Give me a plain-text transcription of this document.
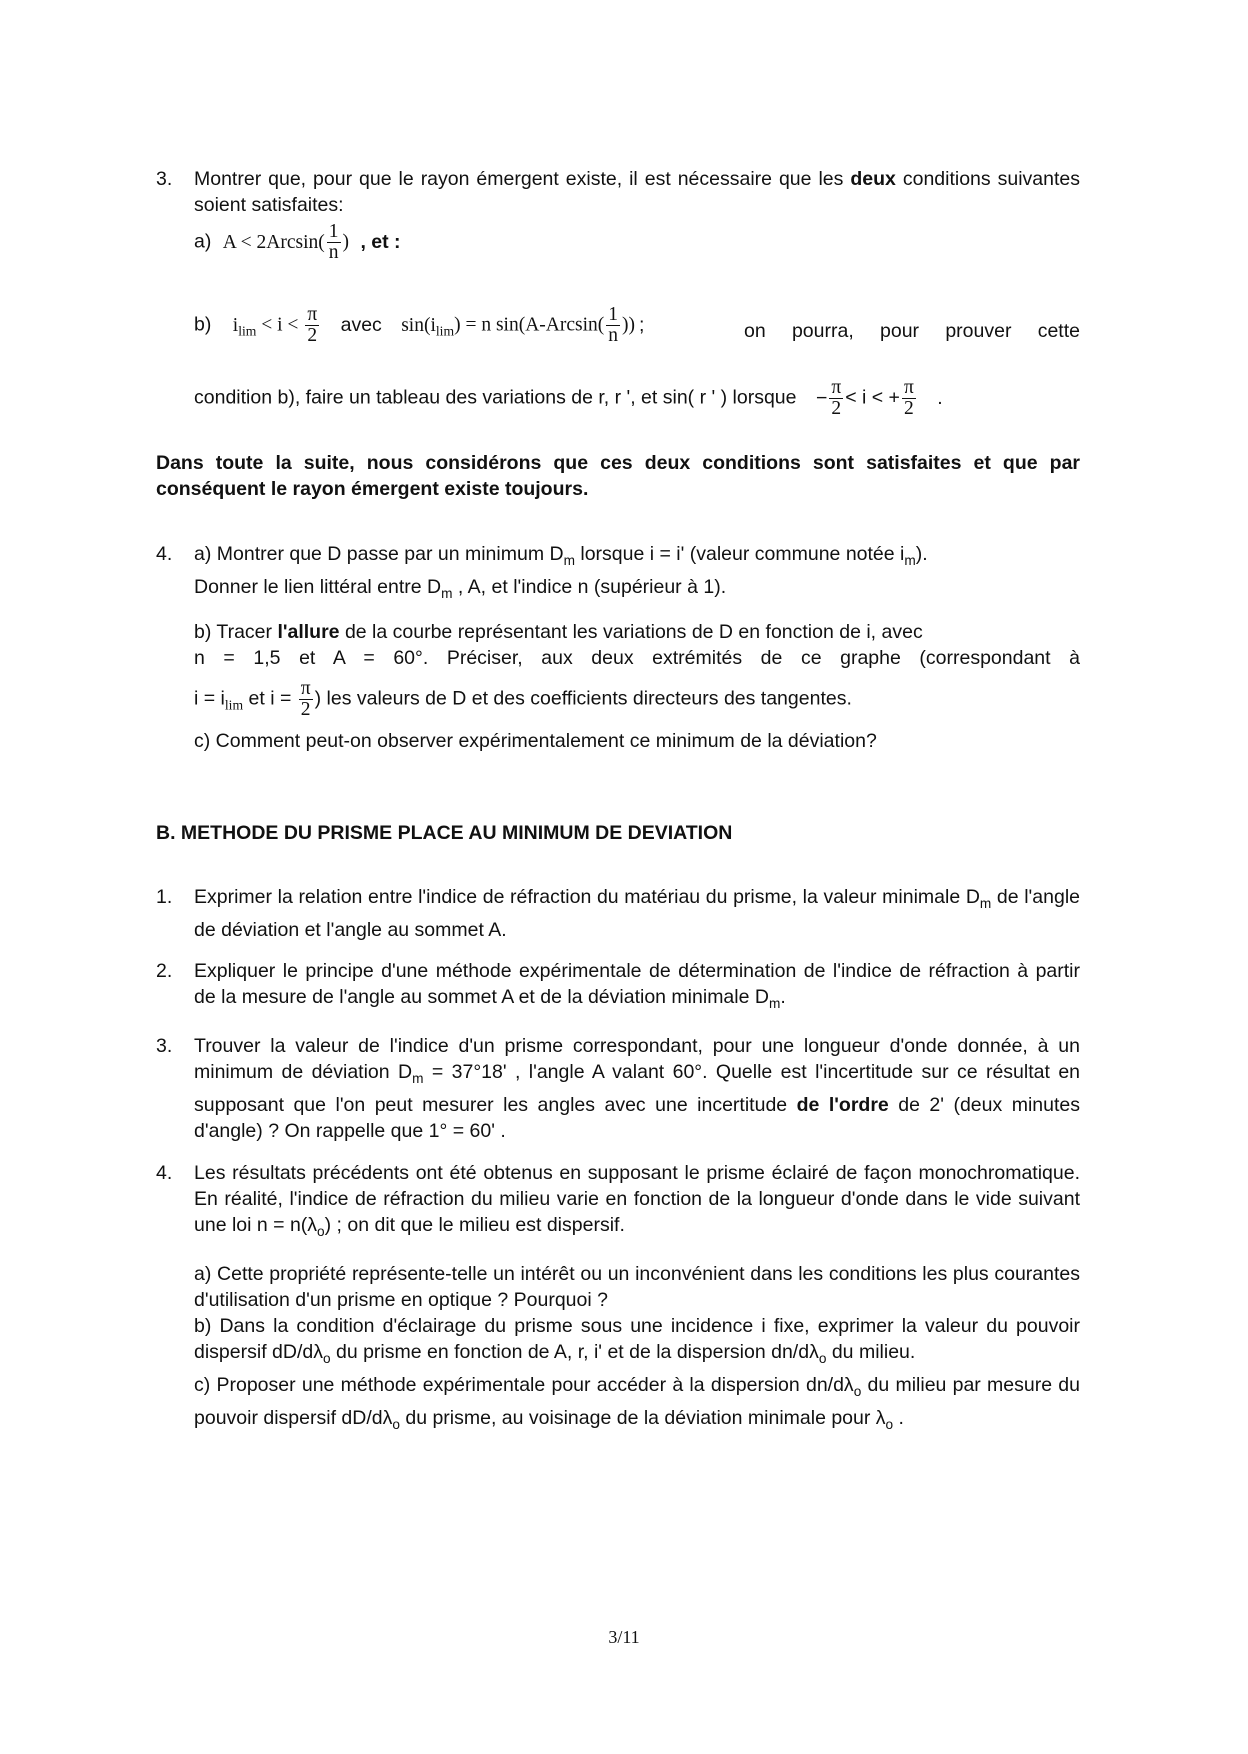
3.	Montrer que, pour que le rayon émergent existe, il est nécessaire que les deux conditions suivantes soient satisfaites:
a) $A < 2Arcsin( \frac{1}{n}$ ) , et :
b) $i_{lim} < i < \frac{\pi}{2}$ avec $\sin(i_{lim}) = n$ $\sin(A-Arcsin( \frac{1}{n}$ )) ;	on pourra, pour prouver cette
condition b), faire un tableau des variations de r, r ', et sin( r ' ) lorsque − $\frac{\pi}{2} < i$ < + $\frac{\pi}{2}$ .
Dans toute la suite, nous considérons que ces deux conditions sont satisfaites et que par conséquent le rayon émergent existe toujours.
4.	a) Montrer que D passe par un minimum $D_m$ lorsque i = i' (valeur commune notée $i_m$).
Donner le lien littéral entre $D_m$ , A, et l'indice n (supérieur à 1).
b) Tracer l'allure de la courbe représentant les variations de D en fonction de i, avec
n = 1,5 et A = 60°. Préciser, aux deux extrémités de ce graphe (correspondant à
$i = i_{lim}$ et $i = \frac{\pi}{2}$ ) les valeurs de D et des coefficients directeurs des tangentes.
c) Comment peut-on observer expérimentalement ce minimum de la déviation?
B. METHODE DU PRISME PLACE AU MINIMUM DE DEVIATION
1.	Exprimer la relation entre l'indice de réfraction du matériau du prisme, la valeur minimale $D_m$ de l'angle de déviation et l'angle au sommet A.
2.	Expliquer le principe d'une méthode expérimentale de détermination de l'indice de réfraction à partir de la mesure de l'angle au sommet A et de la déviation minimale $D_m$.
3.	Trouver la valeur de l'indice d'un prisme correspondant, pour une longueur d'onde donnée, à un minimum de déviation $D_m = 37^\circ 18'$ , l'angle A valant 60°. Quelle est l'incertitude sur ce résultat en supposant que l'on peut mesurer les angles avec une incertitude de l'ordre de 2' (deux minutes d'angle) ? On rappelle que 1° = 60' .
4.	Les résultats précédents ont été obtenus en supposant le prisme éclairé de façon monochromatique. En réalité, l'indice de réfraction du milieu varie en fonction de la longueur d'onde dans le vide suivant une loi $n = n(\lambda_o)$ ; on dit que le milieu est dispersif.
a) Cette propriété représente-telle un intérêt ou un inconvénient dans les conditions les plus courantes d'utilisation d'un prisme en optique ? Pourquoi ?
b) Dans la condition d'éclairage du prisme sous une incidence i fixe, exprimer la valeur du pouvoir dispersif $dD/d\lambda_o$ du prisme en fonction de A, r, i' et de la dispersion $dn/d\lambda_o$ du milieu.
c) Proposer une méthode expérimentale pour accéder à la dispersion $dn/d\lambda_o$ du milieu par mesure du pouvoir dispersif $dD/d\lambda_o$ du prisme, au voisinage de la déviation minimale pour $\lambda_o$ .
3/11
